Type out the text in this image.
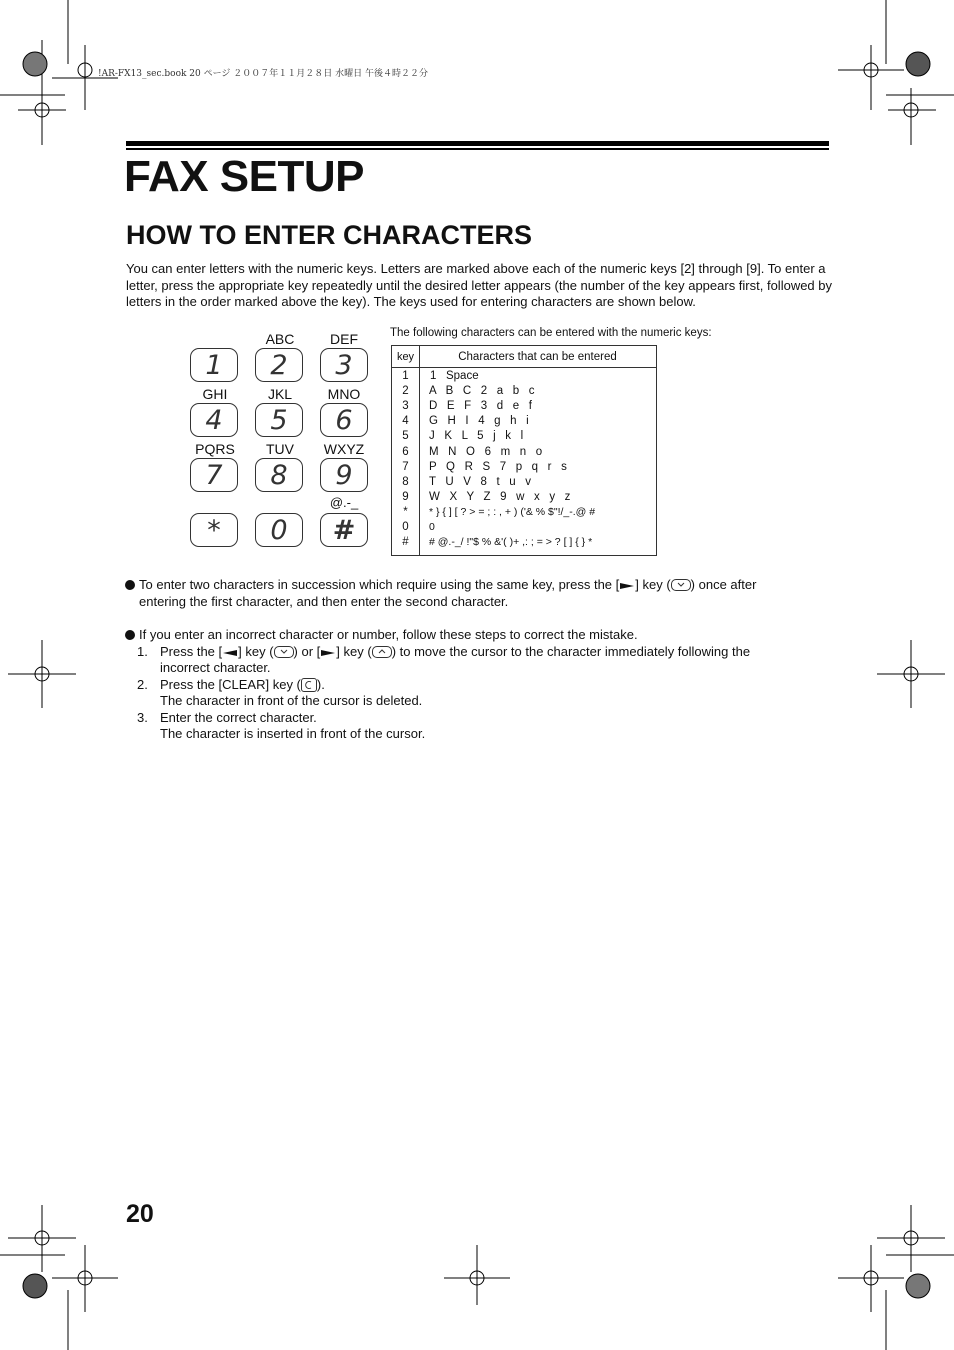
!AR-FX13_sec.book 20 ページ ２００７年１１月２８日 水曜日 午後４時２２分
FAX SETUP
HOW TO ENTER CHARACTERS
You can enter letters with the numeric keys. Letters are marked above each of the numeric keys [2] through [9]. To enter a letter, press the appropriate key repeatedly until the desired letter appears (the number of the key appears first, followed by letters in the order marked above the key). The keys used for entering characters are shown below.
ABC	DEF
1	2	3
GHI	JKL	MNO
4	5	6
PQRS	TUV	WXYZ
7	8	9
@.-_
*	0	#
The following characters can be entered with the numeric keys:
key	Characters that can be entered
1	1   Space
2	A   B   C   2   a   b   c
3	D   E   F   3   d   e   f
4	G   H   I   4   g   h   i
5	J   K   L   5   j   k   l
6	M   N   O   6   m   n   o
7	P   Q   R   S   7   p   q   r   s
8	T   U   V   8   t   u   v
9	W   X   Y   Z   9   w   x   y   z
*	* } { ] [ ? > = ; : , + ) ('& % $"!/_-.@ #
0	0
#	# @.-_/ !"$ % &'( )+ ,: ; = > ? [ ] { } *
To enter two characters in succession which require using the same key, press the [ ] key ( ) once after
entering the first character, and then enter the second character.
If you enter an incorrect character or number, follow these steps to correct the mistake.
1. Press the [ ] key ( ) or [ ] key ( ) to move the cursor to the character immediately following the
incorrect character.
2. Press the [CLEAR] key ( ).
The character in front of the cursor is deleted.
3. Enter the correct character.
The character is inserted in front of the cursor.
20
